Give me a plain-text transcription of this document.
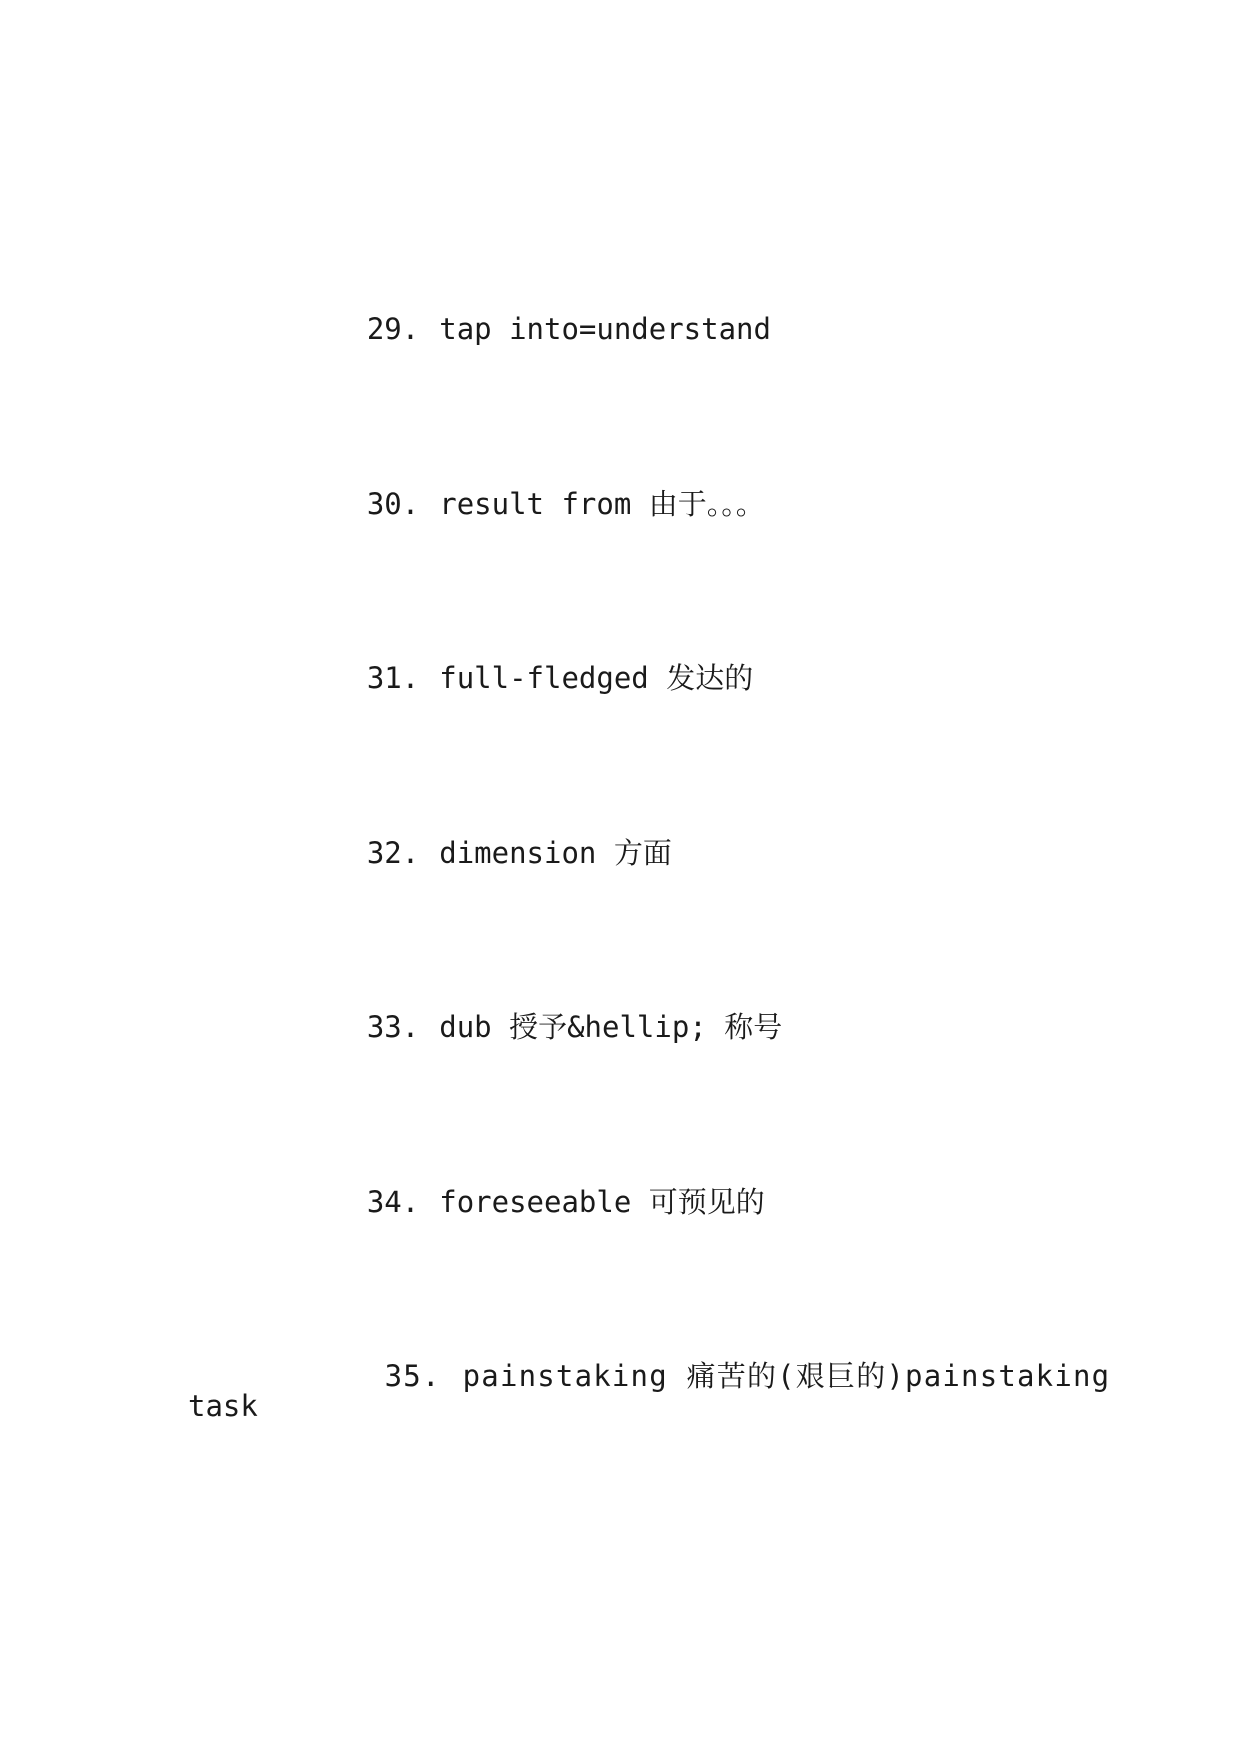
29. tap into=understand

30. result from 由于。。。

31. full-fledged 发达的

32. dimension 方面

33. dub 授予&hellip; 称号

34. foreseeable 可预见的

35. painstaking 痛苦的(艰巨的)painstaking

task
